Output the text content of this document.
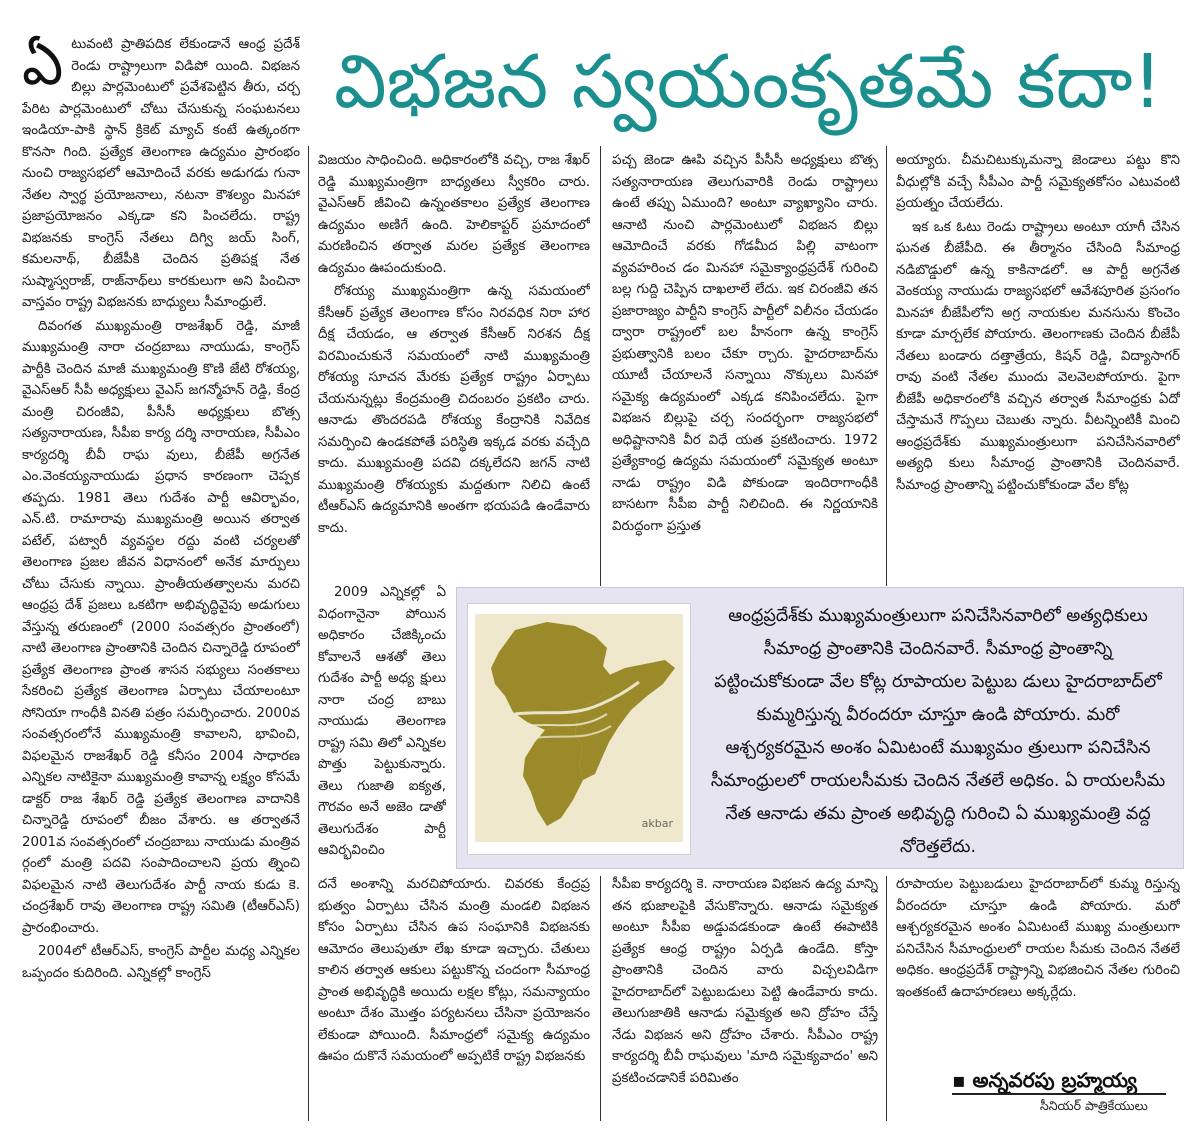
విభజన స్వయంకృతమే కదా!
ఏ టువంటి ప్రాతిపదిక లేకుండానే ఆంధ్ర ప్రదేశ్ రెండు రాష్ట్రాలుగా విడిపో యింది. విభజన బిల్లు పార్లమెంటులో ప్రవేశపెట్టిన తీరు, చర్చ పేరిట పార్లమెంటులో చోటు చేసుకున్న సంఘటనలు ఇండియా-పాకి స్థాన్ క్రికెట్ మ్యాచ్ కంటే ఉత్కంఠగా కొనసా గింది. ప్రత్యేక తెలంగాణ ఉద్యమం ప్రారంభం నుంచి రాజ్యసభలో ఆమోదించే వరకు అడుగడు గునా నేతల స్వార్థ ప్రయోజనాలు, నటనా కౌశల్యం మినహా ప్రజాప్రయోజనం ఎక్కడా కని పించలేదు. రాష్ట్ర విభజనకు కాంగ్రెస్ నేతలు దిగ్వి జయ్ సింగ్, కమలనాథ్, బీజేపీకి చెందిన ప్రతిపక్ష నేత సుష్మాస్వరాజ్, రాజ్‌నాథ్‌లు కారకులుగా అని పించినా వాస్తవం రాష్ట్ర విభజనకు బాధ్యులు సీమాంధ్రులే.

దివంగత ముఖ్యమంత్రి రాజశేఖర్ రెడ్డి, మాజీ ముఖ్యమంత్రి నారా చంద్రబాబు నాయుడు, కాంగ్రెస్ పార్టీకి చెందిన మాజీ ముఖ్యమంత్రి కొణి జేటి రోశయ్య, వైఎస్ఆర్ సీపీ అధ్యక్షులు వైఎస్ జగన్మోహన్ రెడ్డి, కేంద్ర మంత్రి చిరంజీవి, పీసీసీ అధ్యక్షులు బొత్స సత్యనారాయణ, సీపీఐ కార్య దర్శి నారాయణ, సీపీఎం కార్యదర్శి బీవీ రాఘ వులు, బీజేపీ అగ్రనేత ఎం.వెంకయ్యనాయుడు ప్రధాన కారణంగా చెప్పక తప్పదు. 1981 తెలు గుదేశం పార్టీ ఆవిర్భావం, ఎన్.టి. రామారావు ముఖ్యమంత్రి అయిన తర్వాత పటేల్, పట్వారీ వ్యవస్థల రద్దు వంటి చర్యలతో తెలంగాణ ప్రజల జీవన విధానంలో అనేక మార్పులు చోటు చేసుకు న్నాయి. ప్రాంతీయతత్వాలను మరచి ఆంధ్రప్ర దేశ్ ప్రజలు ఒకటిగా అభివృద్ధివైపు అడుగులు వేస్తున్న తరుణంలో (2000 సంవత్సరం ప్రాంతంలో) నాటి తెలంగాణ ప్రాంతానికి చెందిన చిన్నారెడ్డి రూపంలో ప్రత్యేక తెలంగాణ ప్రాంత శాసన సభ్యులు సంతకాలు సేకరించి ప్రత్యేక తెలంగాణ ఏర్పాటు చేయాలంటూ సోనియా గాంధీకి వినతి పత్రం సమర్పించారు. 2000వ సంవత్సరంలోనే ముఖ్యమంత్రి కావాలని, భావించి, విఫలమైన రాజశేఖర్ రెడ్డి కనీసం 2004 సాధారణ ఎన్నికల నాటికైనా ముఖ్యమంత్రి కావాన్న లక్ష్యం కోసమే డాక్టర్ రాజ శేఖర్ రెడ్డి ప్రత్యేక తెలంగాణ వాదానికి చిన్నారెడ్డి రూపంలో బీజం వేశారు. ఆ తర్వాతనే 2001వ సంవత్సరంలో చంద్రబాబు నాయుడు మంత్రివ ర్గంలో మంత్రి పదవి సంపాదించాలని ప్రయ త్నించి విఫలమైన నాటి తెలుగుదేశం పార్టీ నాయ కుడు కె. చంద్రశేఖర్ రావు తెలంగాణ రాష్ట్ర సమితి (టీఆర్ఎస్) ప్రారంభించారు.

2004లో టీఆర్ఎస్, కాంగ్రెస్ పార్టీల మధ్య ఎన్నికల ఒప్పందం కుదిరింది. ఎన్నికల్లో కాంగ్రెస్

విజయం సాధించింది. అధికారంలోకి వచ్చి, రాజ శేఖర్ రెడ్డి ముఖ్యమంత్రిగా బాధ్యతలు స్వీకరిం చారు. వైఎస్ఆర్ జీవించి ఉన్నంతకాలం ప్రత్యేక తెలంగాణ ఉద్యమం అణిగే ఉంది. హెలికాప్టర్ ప్రమాదంలో మరణించిన తర్వాత మరల ప్రత్యేక తెలంగాణ ఉద్యమం ఊపందుకుంది.

రోశయ్య ముఖ్యమంత్రిగా ఉన్న సమయంలో కేసీఆర్ ప్రత్యేక తెలంగాణ కోసం నిరవధిక నిరా హార దీక్ష చేయడం, ఆ తర్వాత కేసీఆర్ నిరశన దీక్ష విరమించుకునే సమయంలో నాటి ముఖ్యమంత్రి రోశయ్య సూచన మేరకు ప్రత్యేక రాష్ట్రం ఏర్పాటు చేయనున్నట్లు కేంద్రమంత్రి చిదంబరం ప్రకటిం చారు. ఆనాడు తొందరపడి రోశయ్య కేంద్రానికి నివేదిక సమర్పించి ఉండకపోతే పరిస్థితి ఇక్కడ వరకు వచ్చేది కాదు. ముఖ్యమంత్రి పదవి దక్కలేదని జగన్ నాటి ముఖ్యమంత్రి రోశయ్యకు మద్దతుగా నిలిచి ఉంటే టీఆర్ఎస్ ఉద్యమానికి అంతగా భయపడి ఉండేవారు కాదు.

2009 ఎన్నికల్లో ఏ విధంగానైనా పోయిన అధికారం చేజిక్కించు కోవాలనే ఆశతో తెలు గుదేశం పార్టీ అధ్య క్షులు నారా చంద్ర బాబు నాయుడు తెలంగాణ రాష్ట్ర సమి తిలో ఎన్నికల పొత్తు పెట్టుకున్నారు. తెలు గుజాతి ఐక్యత, గౌరవం అనే అజెం డాతో తెలుగుదేశం పార్టీ ఆవిర్భవించిం

దనే అంశాన్ని మరచిపోయారు. చివరకు కేంద్రప్ర భుత్వం ఏర్పాటు చేసిన మంత్రి మండలి విభజన కోసం ఏర్పాటు చేసిన ఉప సంఘానికి విభజనకు ఆమోదం తెలుపుతూ లేఖ కూడా ఇచ్చారు. చేతులు కాలిన తర్వాత ఆకులు పట్టుకొన్న చందంగా సీమాంధ్ర ప్రాంత అభివృద్ధికి అయిదు లక్షల కోట్లు, సమన్యాయం అంటూ దేశం మొత్తం పర్యటనలు చేసినా ప్రయోజనం లేకుండా పోయింది. సీమాంధ్రలో సమైక్య ఉద్యమం ఊపం దుకొనే సమయంలో అప్పటికే రాష్ట్ర విభజనకు

పచ్చ జెండా ఊపి వచ్చిన పీసీసీ అధ్యక్షులు బొత్స సత్యనారాయణ తెలుగువారికి రెండు రాష్ట్రాలు ఉంటే తప్పు ఏముంది? అంటూ వ్యాఖ్యానిం చారు. ఆనాటి నుంచి పార్లమెంటులో విభజన బిల్లు ఆమోదించే వరకు గోడమీద పిల్లి వాటంగా వ్యవహరించ డం మినహా సమైక్యాంధ్రప్రదేశ్ గురించి బల్ల గుద్ది చెప్పిన దాఖలాలే లేదు. ఇక చిరంజీవి తన ప్రజారాజ్యం పార్టీని కాంగ్రెస్ పార్టీలో విలీనం చేయడం ద్వారా రాష్ట్రంలో బల హీనంగా ఉన్న కాంగ్రెస్ ప్రభుత్వానికి బలం చేకూ ర్చారు. హైదరాబాద్‌ను యూటీ చేయాలనే సన్నాయి నొక్కులు మినహా సమైక్య ఉద్యమంలో ఎక్కడ కనిపించలేదు. పైగా విభజన బిల్లుపై చర్చ సందర్భంగా రాజ్యసభలో అధిష్టానానికి వీర విధే యత ప్రకటించారు. 1972 ప్రత్యేకాంధ్ర ఉద్యమ సమయంలో సమైక్యత అంటూ నాడు రాష్ట్రం విడి పోకుండా ఇందిరాగాంధీకి బాసటగా సీపీఐ పార్టీ నిలిచింది. ఈ నిర్ణయానికి విరుద్ధంగా ప్రస్తుత

సీపీఐ కార్యదర్శి కె. నారాయణ విభజన ఉద్య మాన్ని తన భుజాలపైకి వేసుకొన్నారు. ఆనాడు సమైక్యత అంటూ సీపీఐ అడ్డువడకుండా ఉంటే ఈపాటికి ప్రత్యేక ఆంధ్ర రాష్ట్రం ఏర్పడి ఉండేది. కోస్తా ప్రాంతానికి చెందిన వారు విచ్చలవిడిగా హైదరాబాద్‌లో పెట్టుబడులు పెట్టి ఉండేవారు కాదు. తెలుగుజాతికి ఆనాడు సమైక్యత అని ద్రోహం చేస్తే నేడు విభజన అని ద్రోహం చేశారు. సీపీఎం రాష్ట్ర కార్యదర్శి బీవీ రాఘవులు 'మాది సమైక్యవాదం' అని ప్రకటించడానికే పరిమితం

అయ్యారు. చీమచిటుక్కుమన్నా జెండాలు పట్టు కొని వీధుల్లోకి వచ్చే సీపీఎం పార్టీ సమైక్యతకోసం ఎటువంటి ప్రయత్నం చేయలేదు.

ఇక ఒక ఓటు రెండు రాష్ట్రాలు అంటూ యాగీ చేసిన ఘనత బీజేపీది. ఈ తీర్మానం చేసింది సీమాంధ్ర నడిబొడ్డులో ఉన్న కాకినాడలో. ఆ పార్టీ అగ్రనేత వెంకయ్య నాయుడు రాజ్యసభలో ఆవేశపూరిత ప్రసంగం మినహా బీజేపీలోని అగ్ర నాయకుల మనసును కొంచెం కూడా మార్చలేక పోయారు. తెలంగాణకు చెందిన బీజేపీ నేతలు బండారు దత్తాత్రేయ, కిషన్ రెడ్డి, విద్యాసాగర్ రావు వంటి నేతల ముందు వెలవెలపోయారు. పైగా బీజేపీ అధికారంలోకి వచ్చిన తర్వాత సీమాంధ్రకు ఏదో చేస్తామనే గొప్పలు చెబుతు న్నారు. వీటన్నింటికీ మించి ఆంధ్రప్రదేశ్‌కు ముఖ్యమంత్రులుగా పనిచేసినవారిలో అత్యధి కులు సీమాంధ్ర ప్రాంతానికి చెందినవారే. సీమాంధ్ర ప్రాంతాన్ని పట్టించుకోకుండా వేల కోట్ల

రూపాయల పెట్టుబడులు హైదరాబాద్‌లో కుమ్మ రిస్తున్న వీరందరూ చూస్తూ ఉండి పోయారు. మరో ఆశ్చర్యకరమైన అంశం ఏమిటంటే ముఖ్య మంత్రులుగా పనిచేసిన సీమాంధ్రులలో రాయల సీమకు చెందిన నేతలే అధికం. ఆంధ్రప్రదేశ్ రాష్ట్రాన్ని విభజించిన నేతల గురించి ఇంతకంటే ఉదాహరణలు అక్కర్లేదు.

akbar
ఆంధ్రప్రదేశ్‌కు ముఖ్యమంత్రులుగా పనిచేసినవారిలో అత్యధికులు సీమాంధ్ర ప్రాంతానికి చెందినవారే. సీమాంధ్ర ప్రాంతాన్ని పట్టించుకోకుండా వేల కోట్ల రూపాయల పెట్టుబ డులు హైదరాబాద్‌లో కుమ్మరిస్తున్న వీరందరూ చూస్తూ ఉండి పోయారు. మరో ఆశ్చర్యకరమైన అంశం ఏమిటంటే ముఖ్యమం త్రులుగా పనిచేసిన సీమాంధ్రులలో రాయలసీమకు చెందిన నేతలే అధికం. ఏ రాయలసీమ నేత ఆనాడు తమ ప్రాంత అభివృద్ధి గురించి ఏ ముఖ్యమంత్రి వద్ద నోరెత్తలేదు.
▪ అన్నవరపు బ్రహ్మయ్య
సీనియర్ పాత్రికేయులు
